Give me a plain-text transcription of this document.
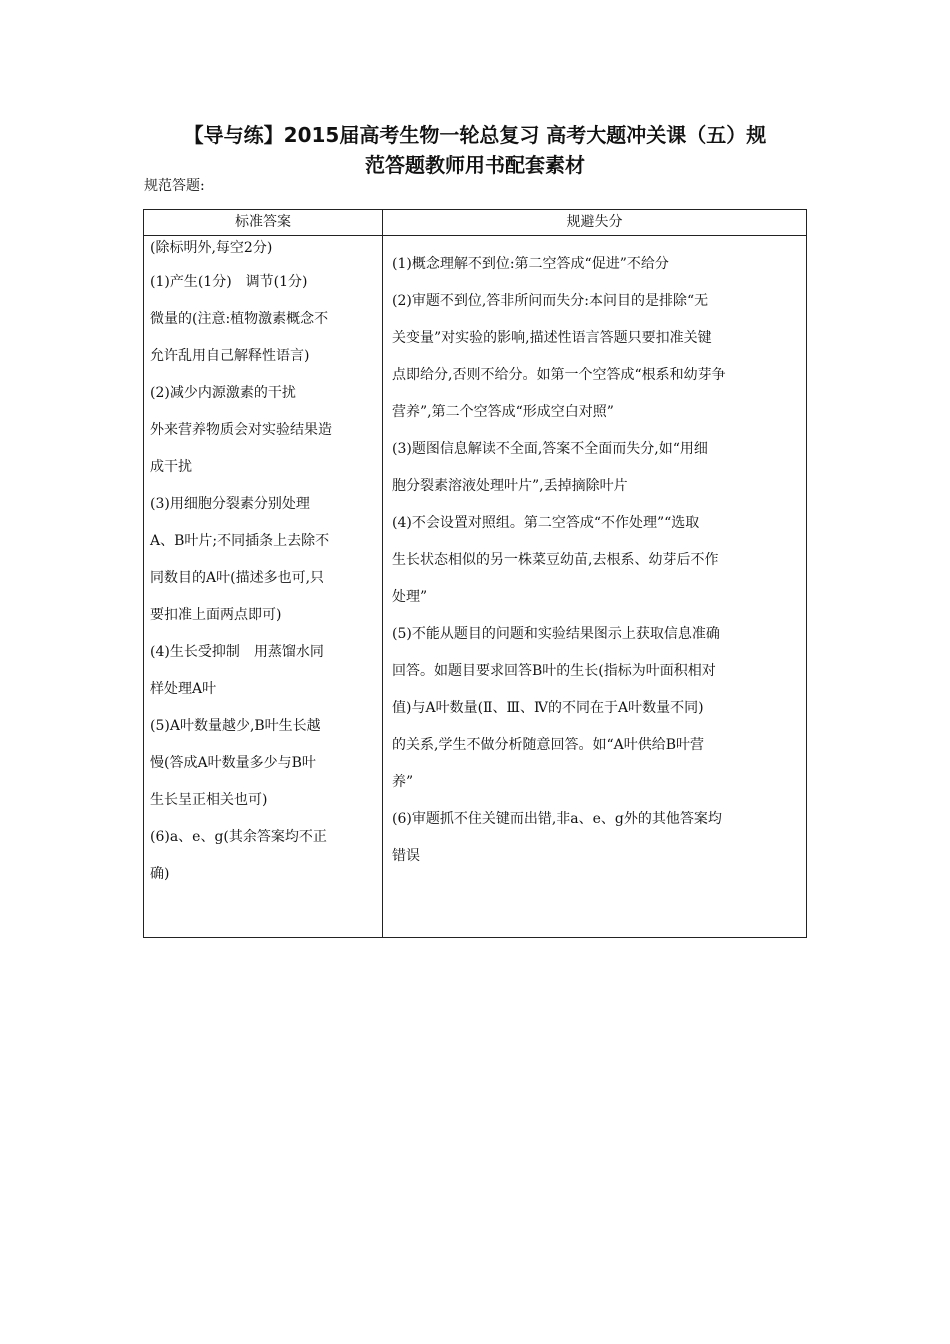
【导与练】2015届高考生物一轮总复习 高考大题冲关课（五）规
范答题教师用书配套素材
规范答题:
标准答案	规避失分
(除标明外,每空2分)
(1)产生(1分)　调节(1分)
微量的(注意:植物激素概念不
允许乱用自己解释性语言)
(2)减少内源激素的干扰
外来营养物质会对实验结果造
成干扰
(3)用细胞分裂素分别处理
A、B叶片;不同插条上去除不
同数目的A叶(描述多也可,只
要扣准上面两点即可)
(4)生长受抑制　用蒸馏水同
样处理A叶
(5)A叶数量越少,B叶生长越
慢(答成A叶数量多少与B叶
生长呈正相关也可)
(6)a、e、g(其余答案均不正
确)
(1)概念理解不到位:第二空答成“促进”不给分
(2)审题不到位,答非所问而失分:本问目的是排除“无
关变量”对实验的影响,描述性语言答题只要扣准关键
点即给分,否则不给分。如第一个空答成“根系和幼芽争
营养”,第二个空答成“形成空白对照”
(3)题图信息解读不全面,答案不全面而失分,如“用细
胞分裂素溶液处理叶片”,丢掉摘除叶片
(4)不会设置对照组。第二空答成“不作处理”“选取
生长状态相似的另一株菜豆幼苗,去根系、幼芽后不作
处理”
(5)不能从题目的问题和实验结果图示上获取信息准确
回答。如题目要求回答B叶的生长(指标为叶面积相对
值)与A叶数量(Ⅱ、Ⅲ、Ⅳ的不同在于A叶数量不同)
的关系,学生不做分析随意回答。如“A叶供给B叶营
养”
(6)审题抓不住关键而出错,非a、e、g外的其他答案均
错误
